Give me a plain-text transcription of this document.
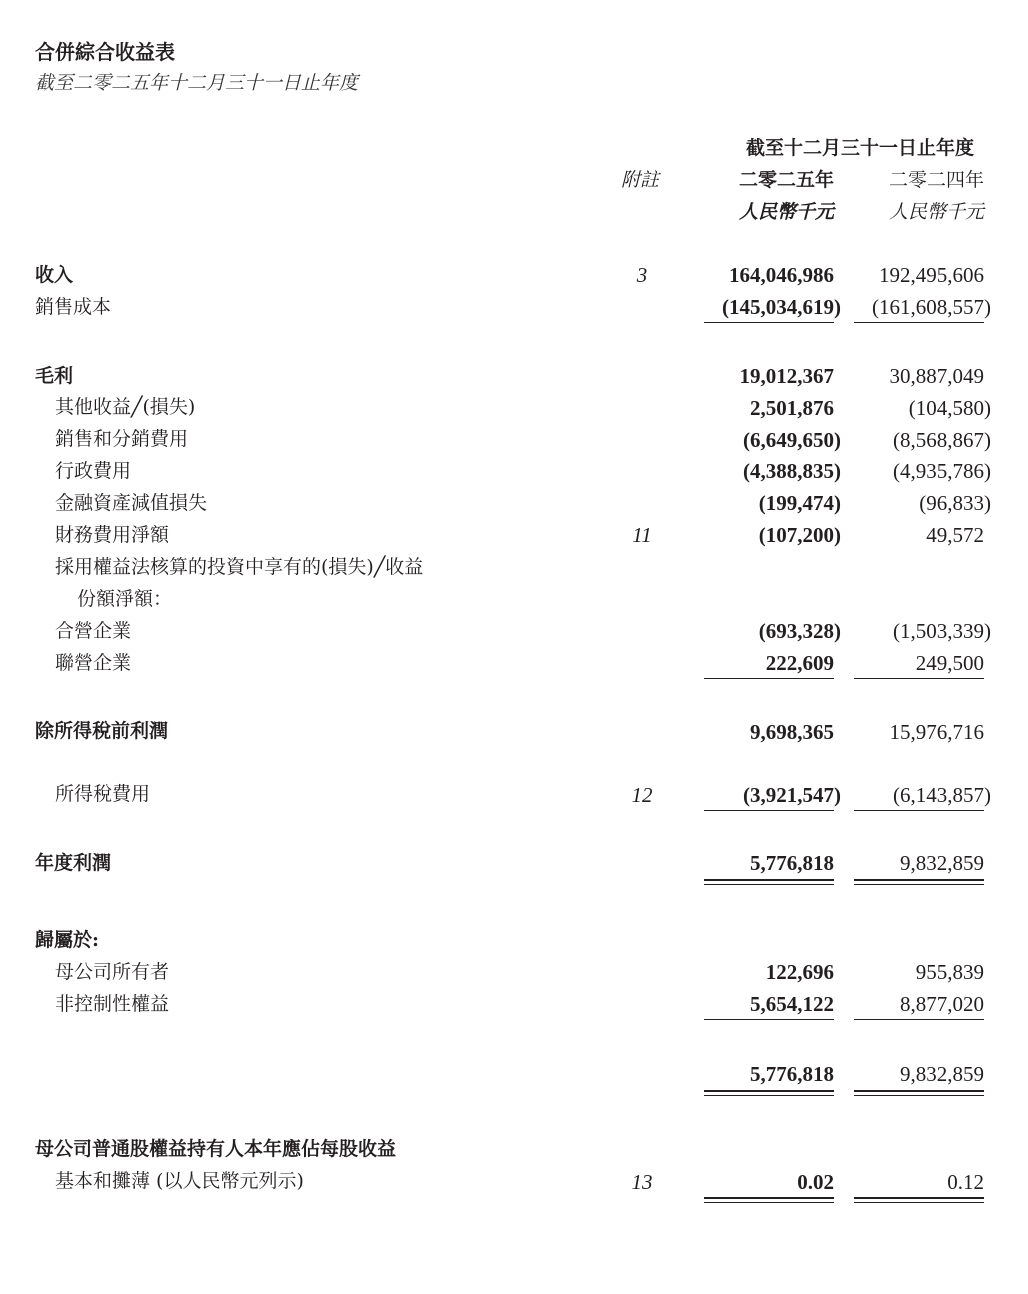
合併綜合收益表
截至二零二五年十二月三十一日止年度
截至十二月三十一日止年度
附註	二零二五年	二零二四年
人民幣千元	人民幣千元
收入	3	164,046,986 192,495,606
銷售成本	(145,034,619) (161,608,557)
毛利	19,012,367	30,887,049
其他收益╱(損失)	2,501,876	(104,580)
銷售和分銷費用	(6,649,650) (8,568,867)
行政費用	(4,388,835) (4,935,786)
金融資產減值損失	(199,474)	(96,833)
財務費用淨額	11	(107,200)	49,572
採用權益法核算的投資中享有的(損失)╱收益
份額淨額：
合營企業	(693,328) (1,503,339)
聯營企業	222,609	249,500
除所得稅前利潤	9,698,365	15,976,716
所得稅費用	12	(3,921,547) (6,143,857)
年度利潤	5,776,818	9,832,859
歸屬於:
母公司所有者	122,696	955,839
非控制性權益	5,654,122	8,877,020
5,776,818	9,832,859
母公司普通股權益持有人本年應佔每股收益
基本和攤薄 (以人民幣元列示)	13	0.02	0.12
